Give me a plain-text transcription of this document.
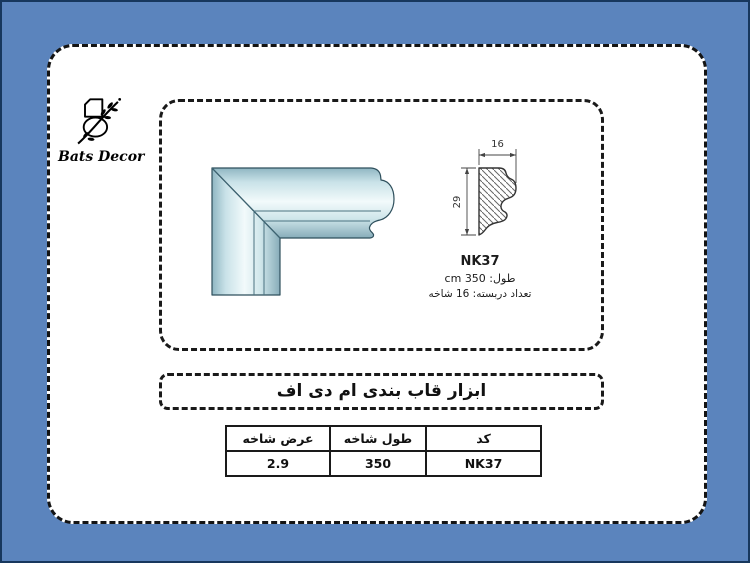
Bats Decor
16
29

NK37

طول: 350 cm

تعداد دربسته: 16 شاخه

ابزار قاب بندی ام دی اف
کد	طول شاخه	عرض شاخه
NK37	350	2.9
